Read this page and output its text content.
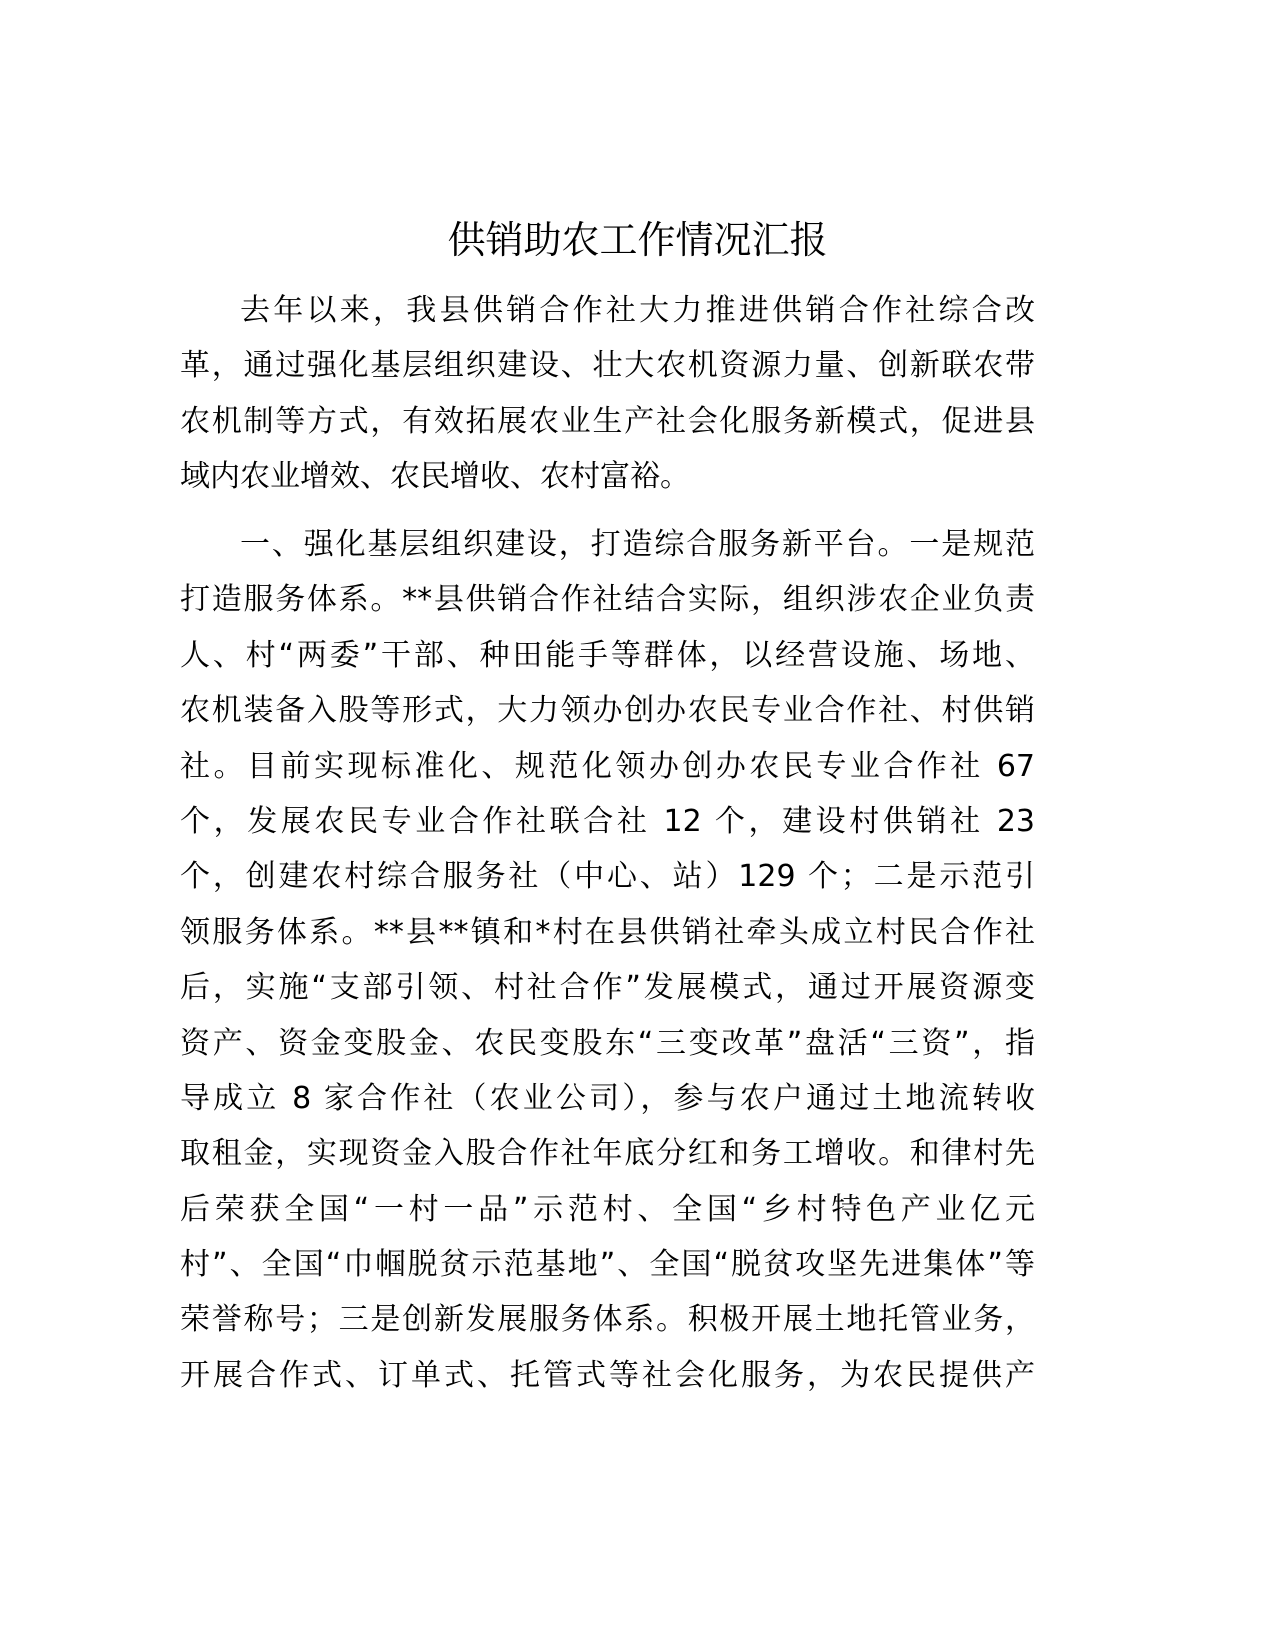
供销助农工作情况汇报
去年以来，我县供销合作社大力推进供销合作社综合改
革，通过强化基层组织建设、壮大农机资源力量、创新联农带
农机制等方式，有效拓展农业生产社会化服务新模式，促进县
域内农业增效、农民增收、农村富裕。
一、强化基层组织建设，打造综合服务新平台。一是规范
打造服务体系。**县供销合作社结合实际，组织涉农企业负责
人、村“两委”干部、种田能手等群体，以经营设施、场地、
农机装备入股等形式，大力领办创办农民专业合作社、村供销
社。目前实现标准化、规范化领办创办农民专业合作社 67
个，发展农民专业合作社联合社 12 个，建设村供销社 23
个，创建农村综合服务社（中心、站）129 个；二是示范引
领服务体系。**县**镇和*村在县供销社牵头成立村民合作社
后，实施“支部引领、村社合作”发展模式，通过开展资源变
资产、资金变股金、农民变股东“三变改革”盘活“三资”，指
导成立 8 家合作社（农业公司），参与农户通过土地流转收
取租金，实现资金入股合作社年底分红和务工增收。和律村先
后荣获全国“一村一品”示范村、全国“乡村特色产业亿元
村”、全国“巾帼脱贫示范基地”、全国“脱贫攻坚先进集体”等
荣誉称号；三是创新发展服务体系。积极开展土地托管业务，
开展合作式、订单式、托管式等社会化服务，为农民提供产
